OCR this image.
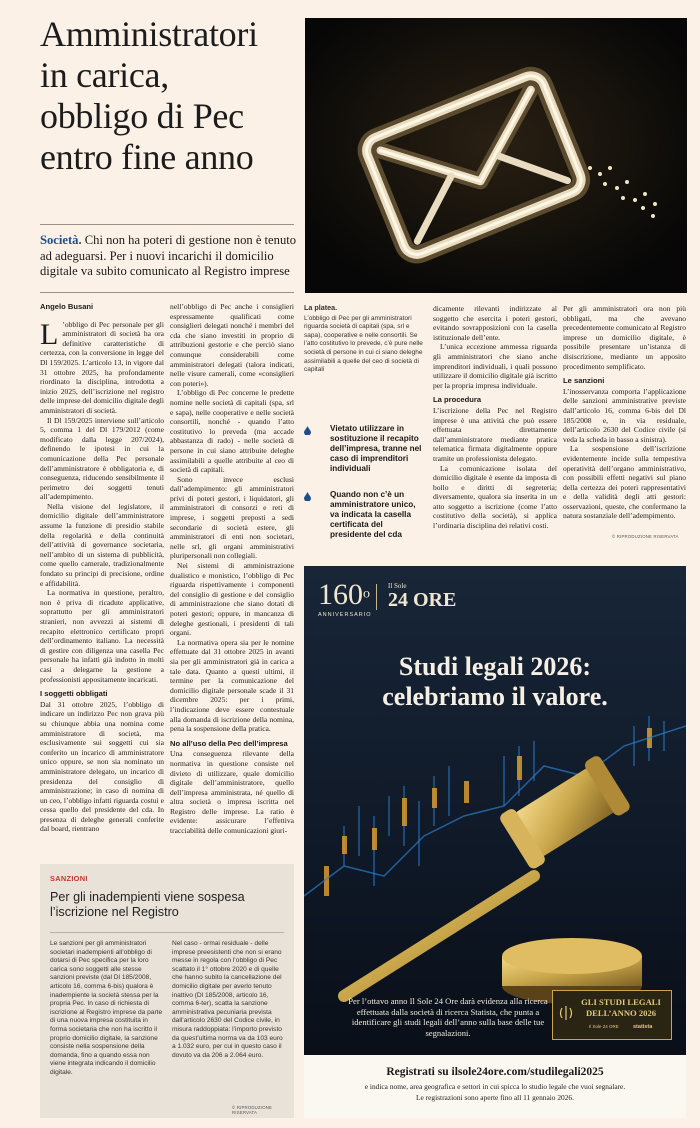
Amministratori
in carica,
obbligo di Pec
entro fine anno
Società. Chi non ha poteri di gestione non è tenuto ad adeguarsi. Per i nuovi incarichi il domicilio digitale va subito comunicato al Registro imprese
Angelo Busani
L ’obbligo di Pec personale per gli amministratori di società ha ora definitive caratteristiche di certezza, con la conversione in legge del Dl 159/2025. L’articolo 13, in vigore dal 31 ottobre 2025, ha profondamente riordinato la disciplina, introdotta a inizio 2025, dell’iscrizione nel registro delle imprese del domicilio digitale degli amministratori di società.

Il Dl 159/2025 interviene sull’articolo 5, comma 1 del Dl 179/2012 (come modificato dalla legge 207/2024), definendo le ipotesi in cui la comunicazione della Pec personale dell’amministratore è obbligatoria e, di conseguenza, riducendo sensibilmente il perimetro dei soggetti tenuti all’adempimento.

Nella visione del legislatore, il domicilio digitale dell’amministratore assume la funzione di presidio stabile della regolarità e della continuità dell’attività di governance societaria, nell’ambito di un sistema di pubblicità, come quello camerale, tradizionalmente fondato su principi di precisione, ordine e affidabilità.

La normativa in questione, peraltro, non è priva di ricadute applicative, soprattutto per gli amministratori stranieri, non avvezzi ai sistemi di recapito elettronico certificato propri dell’ordinamento italiano. La necessità di gestire con diligenza una casella Pec personale ha infatti già indotto in molti casi a delegarne la gestione a professionisti appositamente incaricati.

I soggetti obbligati

Dal 31 ottobre 2025, l’obbligo di indicare un indirizzo Pec non grava più su chiunque abbia una nomina come amministratore di società, ma esclusivamente sui soggetti cui sia conferito un incarico di amministratore unico oppure, se non sia nominato un amministratore delegato, un incarico di presidenza del consiglio di amministrazione; in caso di nomina di un ceo, l’obbligo infatti riguarda costui e cessa quello del presidente del cda. In presenza di deleghe generali conferite dal board, rientrano

nell’obbligo di Pec anche i consiglieri espressamente qualificati come consiglieri delegati nonché i membri del cda che siano investiti in proprio di attribuzioni gestorie e che perciò siano comunque considerabili come amministratori delegati (talora indicati, nelle visure camerali, come «consiglieri con poteri»).

L’obbligo di Pec concerne le predette nomine nelle società di capitali (spa, srl e sapa), nelle cooperative e nelle società consortili, nonché - quando l’atto costitutivo lo preveda (ma accade abbastanza di rado) - nelle società di persone in cui siano attribuite deleghe assimilabili a quelle attribuite al ceo di società di capitali.

Sono invece esclusi dall’adempimento: gli amministratori privi di poteri gestori, i liquidatori, gli amministratori di consorzi e reti di imprese, i soggetti preposti a sedi secondarie di società estere, gli amministratori di enti non societari, nelle srl, gli organi amministrativi pluripersonali non collegiali.

Nei sistemi di amministrazione dualistico e monistico, l’obbligo di Pec riguarda rispettivamente i componenti del consiglio di gestione e del consiglio di amministrazione che siano dotati di poteri gestori; oppure, in mancanza di deleghe gestionali, i presidenti di tali organi.

La normativa opera sia per le nomine effettuate dal 31 ottobre 2025 in avanti sia per gli amministratori già in carica a tale data. Quanto a questi ultimi, il termine per la comunicazione del domicilio digitale personale scade il 31 dicembre 2025: per i primi, l’indicazione deve essere contestuale alla domanda di iscrizione della nomina, pena la sospensione della pratica.

No all’uso della Pec dell’impresa

Una conseguenza rilevante della normativa in questione consiste nel divieto di utilizzare, quale domicilio digitale dell’amministratore, quello dell’impresa amministrata, né quello di altra società o impresa iscritta nel Registro delle imprese. La ratio è evidente: assicurare l’effettiva tracciabilità delle comunicazioni giuri-

La platea.
L’obbligo di Pec per gli amministratori riguarda società di capitali (spa, srl e sapa), cooperative e nelle consortili. Se l’atto costitutivo lo prevede, c’è pure nelle società di persone in cui ci siano deleghe assimilabili a quelle del ceo di società di capitali
Vietato utilizzare in sostituzione il recapito dell’impresa, tranne nel caso di imprenditori individuali
Quando non c’è un amministratore unico, va indicata la casella certificata del presidente del cda

dicamente rilevanti indirizzate al soggetto che esercita i poteri gestori, evitando sovrapposizioni con la casella istituzionale dell’ente.

L’unica eccezione ammessa riguarda gli amministratori che siano anche imprenditori individuali, i quali possono utilizzare il domicilio digitale già iscritto per la propria impresa individuale.

La procedura

L’iscrizione della Pec nel Registro imprese è una attività che può essere effettuata direttamente dall’amministratore mediante pratica telematica firmata digitalmente oppure tramite un professionista delegato.

La comunicazione isolata del domicilio digitale è esente da imposta di bollo e diritti di segreteria; diversamente, qualora sia inserita in un atto soggetto a iscrizione (come l’atto costitutivo della società), si applica l’ordinaria disciplina dei relativi costi.

Per gli amministratori ora non più obbligati, ma che avevano precedentemente comunicato al Registro imprese un domicilio digitale, è possibile presentare un’istanza di disiscrizione, mediante un apposito procedimento semplificato.

Le sanzioni

L’inosservanza comporta l’applicazione delle sanzioni amministrative previste dall’articolo 16, comma 6-bis del Dl 185/2008 e, in via residuale, dell’articolo 2630 del Codice civile (si veda la scheda in basso a sinistra).

La sospensione dell’iscrizione evidentemente incide sulla tempestiva operatività dell’organo amministrativo, con possibili effetti negativi sul piano della certezza dei poteri rappresentativi e della validità degli atti gestori: osservazioni, queste, che confermano la natura sostanziale dell’adempimento.

© RIPRODUZIONE RISERVATA
SANZIONI
Per gli inadempienti viene sospesa l’iscrizione nel Registro
Le sanzioni per gli amministratori societari inadempienti all’obbligo di dotarsi di Pec specifica per la loro carica sono soggetti alle stesse sanzioni previste (dal Dl 185/2008, articolo 16, comma 6-bis) qualora è inadempiente la società stessa per la propria Pec. In caso di richiesta di iscrizione al Registro imprese da parte di una nuova impresa costituita in forma societaria che non ha iscritto il proprio domicilio digitale, la sanzione consiste nella sospensione della domanda, fino a quando essa non viene integrata indicando il domicilio digitale.
Nel caso - ormai residuale - delle imprese preesistenti che non si erano messe in regola con l’obbligo di Pec scattato il 1° ottobre 2020 e di quelle che hanno subito la cancellazione del domicilio digitale per averlo tenuto inattivo (Dl 185/2008, articolo 16, comma 6-ter), scatta la sanzione amministrativa pecuniaria prevista dall’articolo 2630 del Codice civile, in misura raddoppiata: l’importo previsto da quest’ultima norma va da 103 euro a 1.032 euro, per cui in questo caso il dovuto va da 206 a 2.064 euro.
© RIPRODUZIONE RISERVATA
160$^o$
ANNIVERSARIO
Il Sole
24 ORE
Studi legali 2026:
celebriamo il valore.
Per l’ottavo anno Il Sole 24 Ore darà evidenza alla ricerca effettuata dalla società di ricerca Statista, che punta a identificare gli studi legali dell’anno sulla base delle tue segnalazioni.
GLI STUDI LEGALI
DELL’ANNO 2026
Il Sole 24 ORE	statista
Registrati su ilsole24ore.com/studilegali2025
e indica nome, area geografica e settori in cui spicca lo studio legale che vuoi segnalare.
Le registrazioni sono aperte fino all 11 gennaio 2026.
